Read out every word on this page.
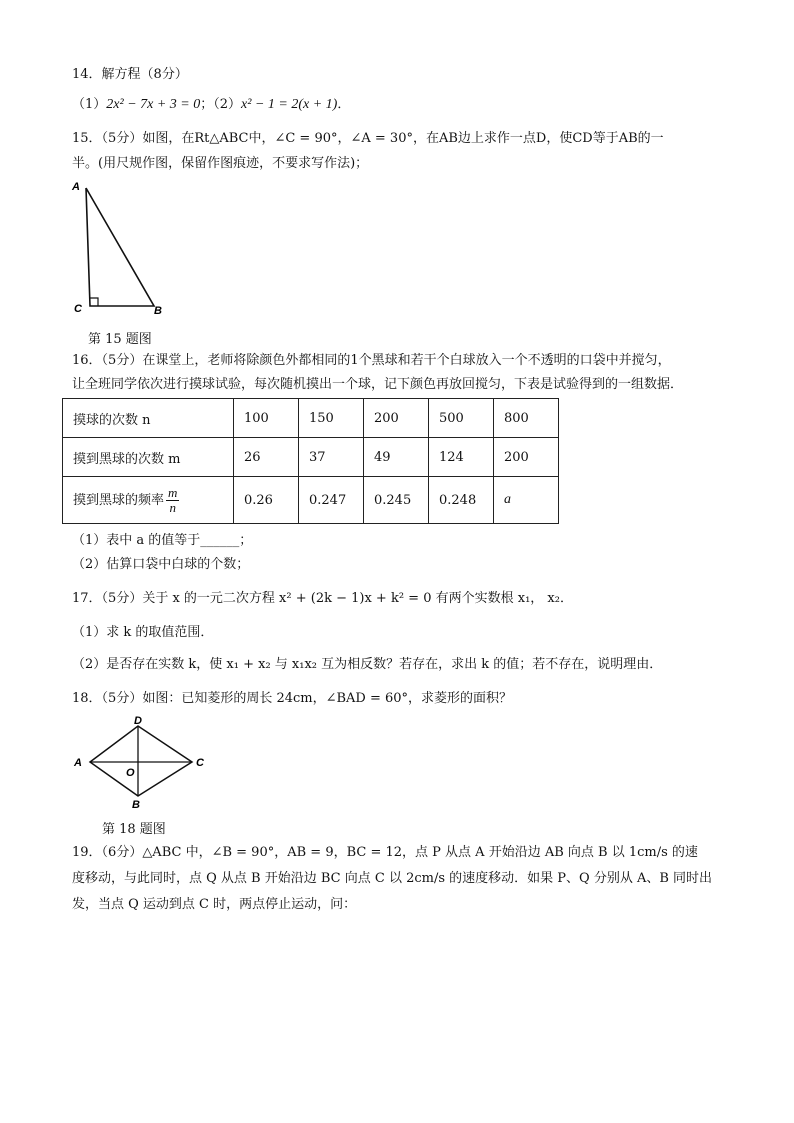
14．解方程（8分）
（1）2x² − 7x + 3 = 0；（2）x² − 1 = 2(x + 1)．
15．（5分）如图，在Rt△ABC中，∠C = 90°，∠A = 30°，在AB边上求作一点D，使CD等于AB的一
半。(用尺规作图，保留作图痕迹，不要求写作法)；
A
C	B
第 15 题图
16．（5分）在课堂上，老师将除颜色外都相同的1个黑球和若干个白球放入一个不透明的口袋中并搅匀，
让全班同学依次进行摸球试验，每次随机摸出一个球，记下颜色再放回搅匀，下表是试验得到的一组数据．
摸球的次数 n	100	150	200	500	800
摸到黑球的次数 m	26	37	49	124	200
摸到黑球的频率 $\frac{m}{n}$	0.26	0.247	0.245	0.248	a
（1）表中 a 的值等于______；
（2）估算口袋中白球的个数；
17．（5分）关于 x 的一元二次方程 x² + (2k − 1)x + k² = 0 有两个实数根 x₁， x₂．
（1）求 k 的取值范围．
（2）是否存在实数 k，使 x₁ + x₂ 与 x₁x₂ 互为相反数？若存在，求出 k 的值；若不存在，说明理由．
18．（5分）如图：已知菱形的周长 24cm，∠BAD = 60°，求菱形的面积？
D
A	C
O
B
第 18 题图
19．（6分）△ABC 中，∠B = 90°，AB = 9，BC = 12，点 P 从点 A 开始沿边 AB 向点 B 以 1cm/s 的速
度移动，与此同时，点 Q 从点 B 开始沿边 BC 向点 C 以 2cm/s 的速度移动．如果 P、Q 分别从 A、B 同时出
发，当点 Q 运动到点 C 时，两点停止运动，问：
